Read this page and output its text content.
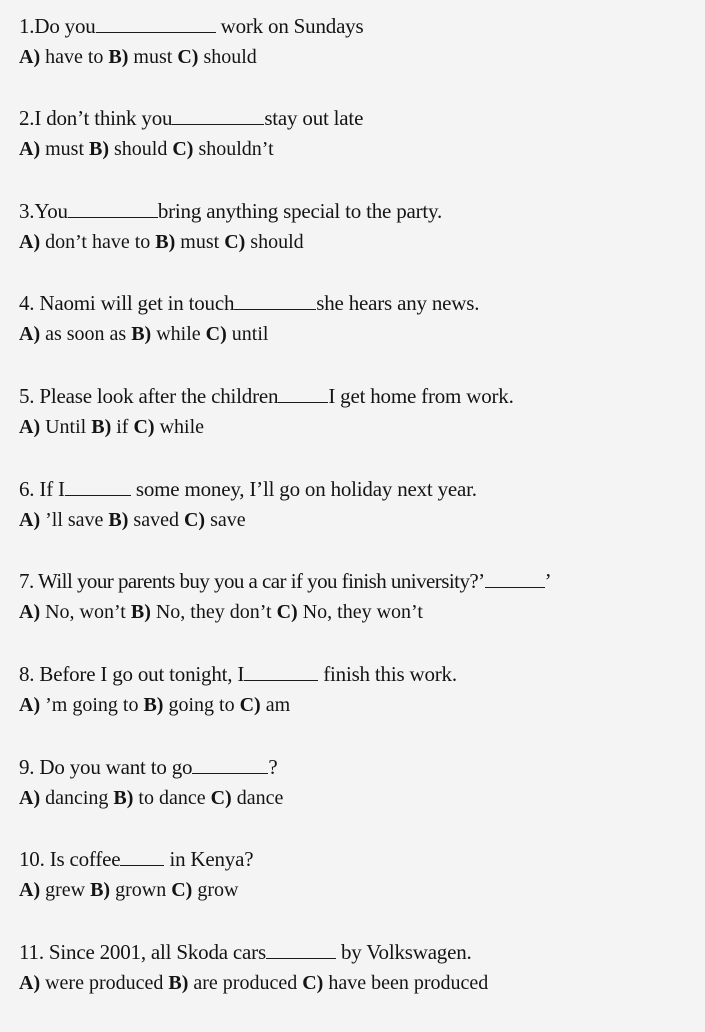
1.Do you	work on Sundays
A) have to B) must C) should
2.I don’t think you	stay out late
A) must B) should C) shouldn’t
3.You	bring anything special to the party.
A) don’t have to B) must C) should
4. Naomi will get in touch	she hears any news.
A) as soon as B) while C) until
5. Please look after the children I get home from work.
A) Until B) if C) while
6. If I	some money, I’ll go on holiday next year.
A) ’ll save B) saved C) save
7. Will your parents buy you a car if you finish university?’	’
A) No, won’t B) No, they don’t C) No, they won’t
8. Before I go out tonight, I	finish this work.
A) ’m going to B) going to C) am
9. Do you want to go	?
A) dancing B) to dance C) dance
10. Is coffee in Kenya?
A) grew B) grown C) grow
11. Since 2001, all Skoda cars	by Volkswagen.
A) were produced B) are produced C) have been produced
